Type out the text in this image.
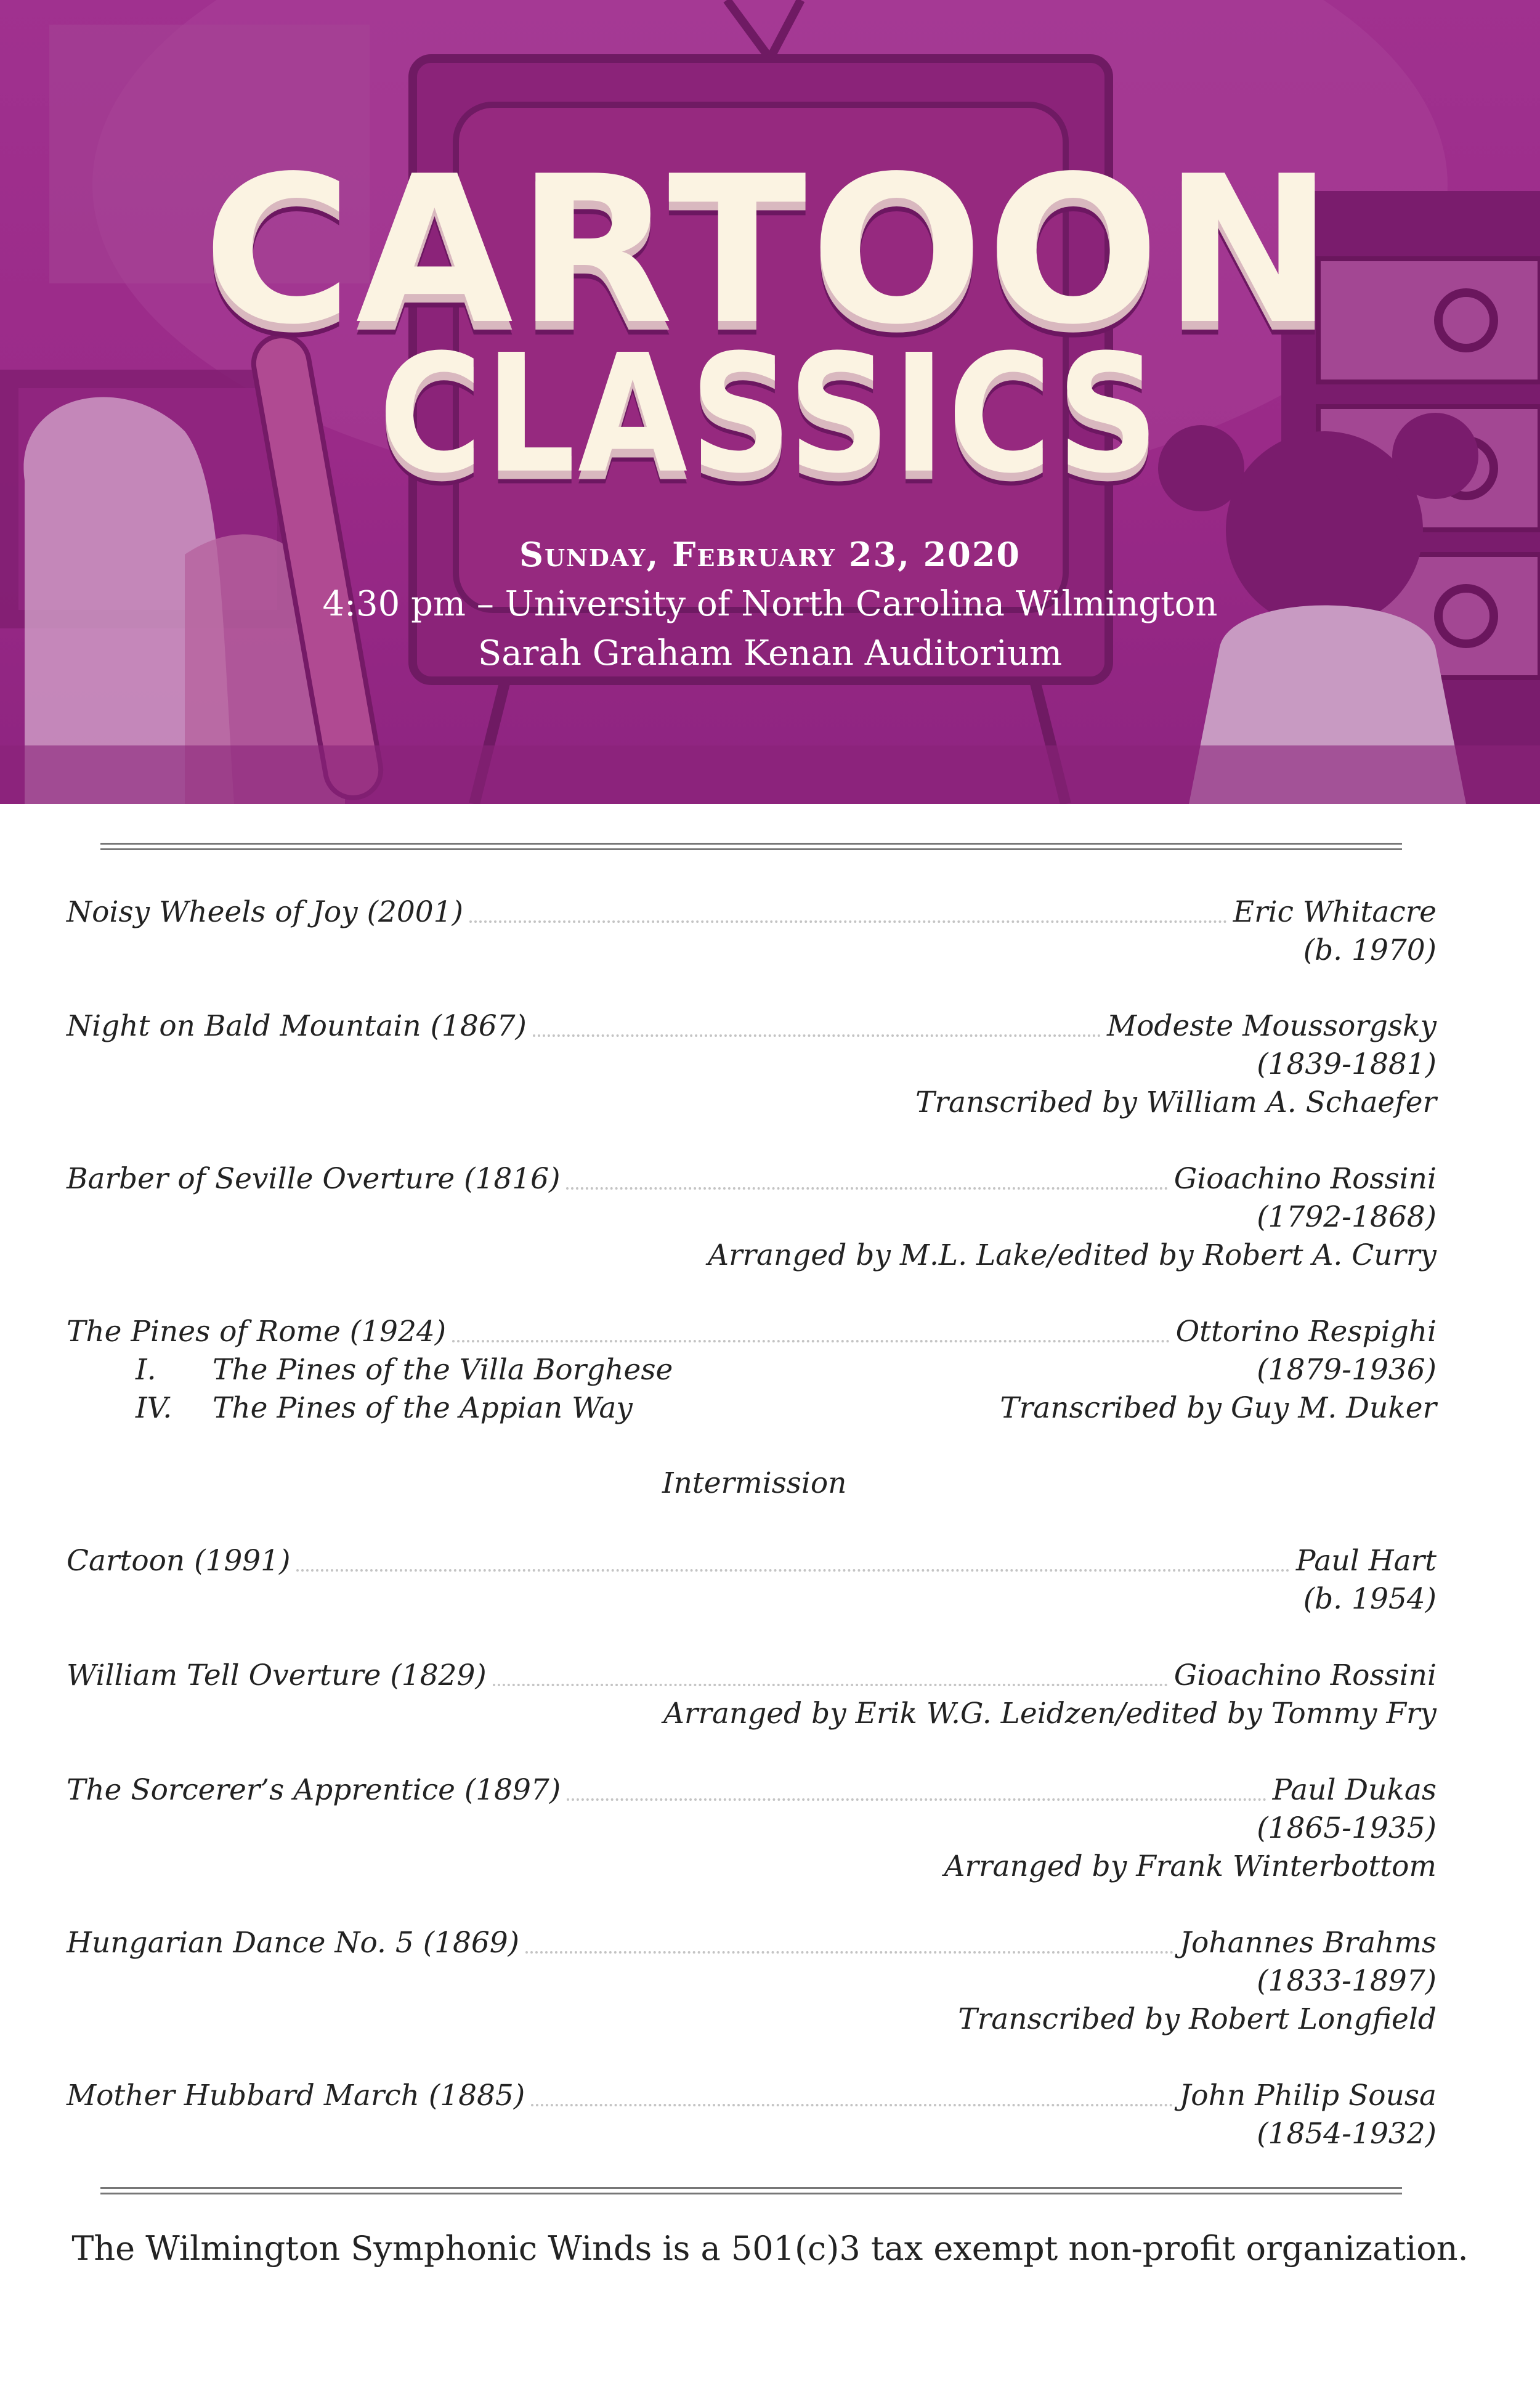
CARTOON
CLASSICS
Sunday, February 23, 2020
4:30 pm – University of North Carolina Wilmington
Sarah Graham Kenan Auditorium
Noisy Wheels of Joy (2001)	Eric Whitacre
(b. 1970)
Night on Bald Mountain (1867)	Modeste Moussorgsky
(1839-1881)
Transcribed by William A. Schaefer
Barber of Seville Overture (1816)	Gioachino Rossini
(1792-1868)
Arranged by M.L. Lake/edited by Robert A. Curry
The Pines of Rome (1924)	Ottorino Respighi
I.	The Pines of the Villa Borghese	(1879-1936)
IV.	The Pines of the Appian Way	Transcribed by Guy M. Duker
Intermission
Cartoon (1991)	Paul Hart
(b. 1954)
William Tell Overture (1829)	Gioachino Rossini
Arranged by Erik W.G. Leidzen/edited by Tommy Fry
The Sorcerer’s Apprentice (1897)	Paul Dukas
(1865-1935)
Arranged by Frank Winterbottom
Hungarian Dance No. 5 (1869)	Johannes Brahms
(1833-1897)
Transcribed by Robert Longfield
Mother Hubbard March (1885)	John Philip Sousa
(1854-1932)
The Wilmington Symphonic Winds is a 501(c)3 tax exempt non-profit organization.
